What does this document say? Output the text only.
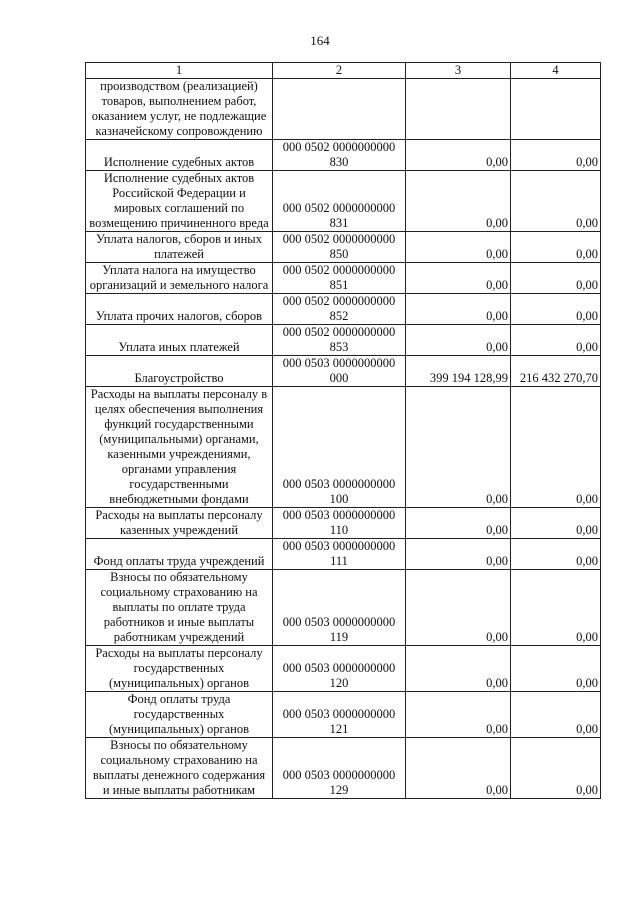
164
1	2	3	4
производством (реализацией) товаров, выполнением работ, оказанием услуг, не подлежащие казначейскому сопровождению			
Исполнение судебных актов	000 0502 0000000000 830	0,00	0,00
Исполнение судебных актов Российской Федерации и мировых соглашений по возмещению причиненного вреда	000 0502 0000000000 831	0,00	0,00
Уплата налогов, сборов и иных платежей	000 0502 0000000000 850	0,00	0,00
Уплата налога на имущество организаций и земельного налога	000 0502 0000000000 851	0,00	0,00
Уплата прочих налогов, сборов	000 0502 0000000000 852	0,00	0,00
Уплата иных платежей	000 0502 0000000000 853	0,00	0,00
Благоустройство	000 0503 0000000000 000	399 194 128,99	216 432 270,70
Расходы на выплаты персоналу в целях обеспечения выполнения функций государственными (муниципальными) органами, казенными учреждениями, органами управления государственными внебюджетными фондами	000 0503 0000000000 100	0,00	0,00
Расходы на выплаты персоналу казенных учреждений	000 0503 0000000000 110	0,00	0,00
Фонд оплаты труда учреждений	000 0503 0000000000 111	0,00	0,00
Взносы по обязательному социальному страхованию на выплаты по оплате труда работников и иные выплаты работникам учреждений	000 0503 0000000000 119	0,00	0,00
Расходы на выплаты персоналу государственных (муниципальных) органов	000 0503 0000000000 120	0,00	0,00
Фонд оплаты труда государственных (муниципальных) органов	000 0503 0000000000 121	0,00	0,00
Взносы по обязательному социальному страхованию на выплаты денежного содержания и иные выплаты работникам	000 0503 0000000000 129	0,00	0,00
